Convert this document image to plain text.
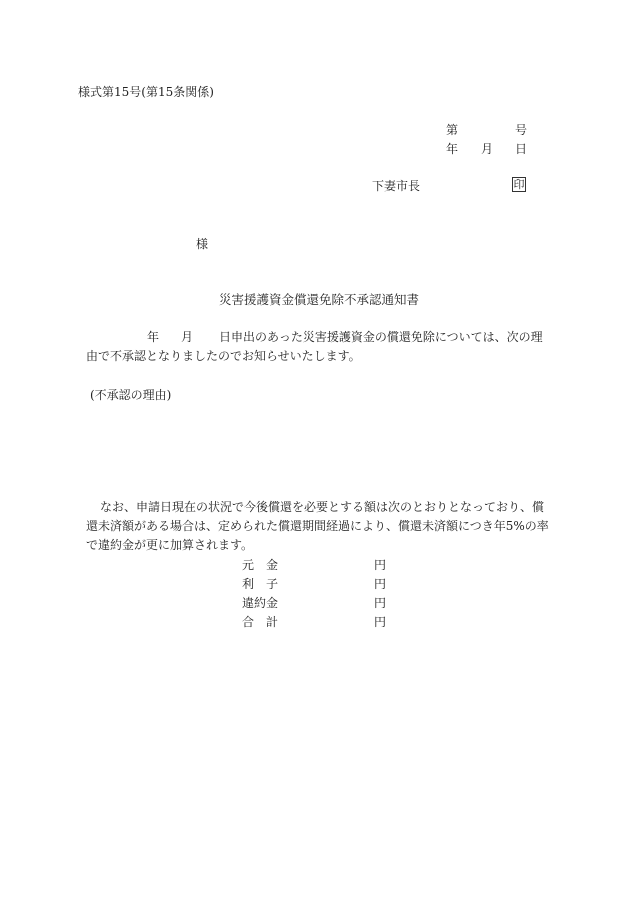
様式第15号(第15条関係)
第	号
年 月 日
下妻市長	印
様
災害援護資金償還免除不承認通知書
年 月 日申出のあった災害援護資金の償還免除については、次の理由で不承認となりましたのでお知らせいたします。
(不承認の理由)
なお、申請日現在の状況で今後償還を必要とする額は次のとおりとなっており、償還未済額がある場合は、定められた償還期間経過により、償還未済額につき年5%の率で違約金が更に加算されます。
元　金	円
利　子	円
違約金	円
合　計	円
